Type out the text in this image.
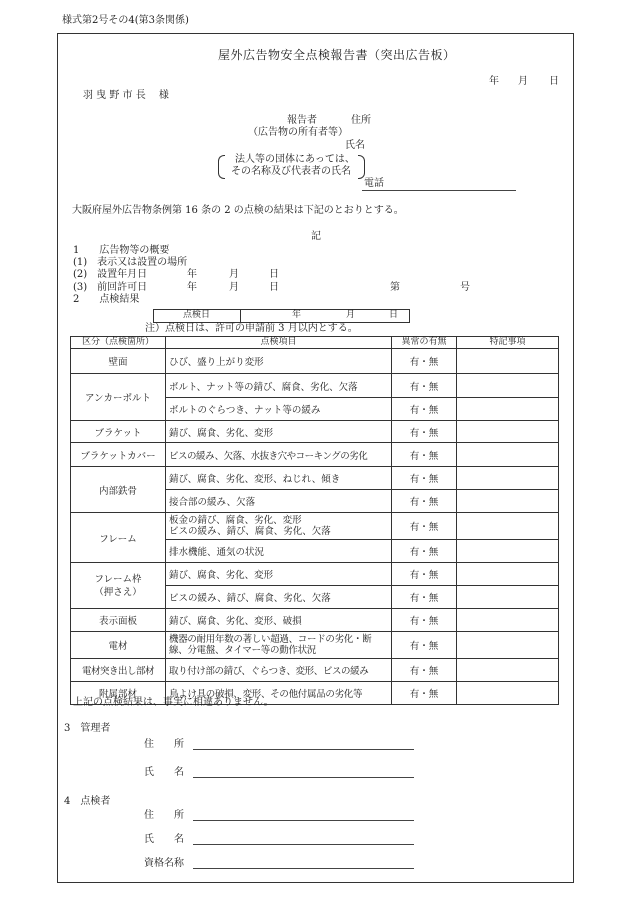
様式第2号その4(第3条関係)
屋外広告物安全点検報告書（突出広告板）
年 月 日
羽 曳 野 市 長　 様
報告者	住所
（広告物の所有者等）
氏名
法人等の団体にあっては、
その名称及び代表者の氏名
電話
大阪府屋外広告物条例第 16 条の 2 の点検の結果は下記のとおりとする。
記
1　　広告物等の概要
(1)　表示又は設置の場所
(2)　設置年月日	年	月	日
(3)　前回許可日	年	月	日	第	号
2　　点検結果
点検日	年	月	日
注）点検日は、許可の申請前 3 月以内とする。
区分（点検箇所）	点検項目	異常の有無	特記事項
壁面	ひび、盛り上がり変形	有・無	
アンカーボルト	ボルト、ナット等の錆び、腐食、劣化、欠落	有・無	
	ボルトのぐらつき、ナット等の緩み	有・無	
ブラケット	錆び、腐食、劣化、変形	有・無	
ブラケットカバー	ビスの緩み、欠落、水抜き穴やコーキングの劣化	有・無	
内部鉄骨	錆び、腐食、劣化、変形、ねじれ、傾き	有・無	
	接合部の緩み、欠落	有・無	
フレーム	板金の錆び、腐食、劣化、変形
ビスの緩み、錆び、腐食、劣化、欠落	有・無	
	排水機能、通気の状況	有・無	
フレーム枠
（押さえ）	錆び、腐食、劣化、変形	有・無	
	ビスの緩み、錆び、腐食、劣化、欠落	有・無	
表示面板	錆び、腐食、劣化、変形、破損	有・無	
電材	機器の耐用年数の著しい超過、コードの劣化・断
線、分電盤、タイマー等の動作状況	有・無	
電材突き出し部材	取り付け部の錆び、ぐらつき、変形、ビスの緩み	有・無	
附属部材	鳥よけ具の破損、変形、その他付属品の劣化等	有・無	
上記の点検結果は、事実に相違ありません。
3　管理者
住　　所
氏　　名
4　点検者
住　　所
氏　　名
資格名称
